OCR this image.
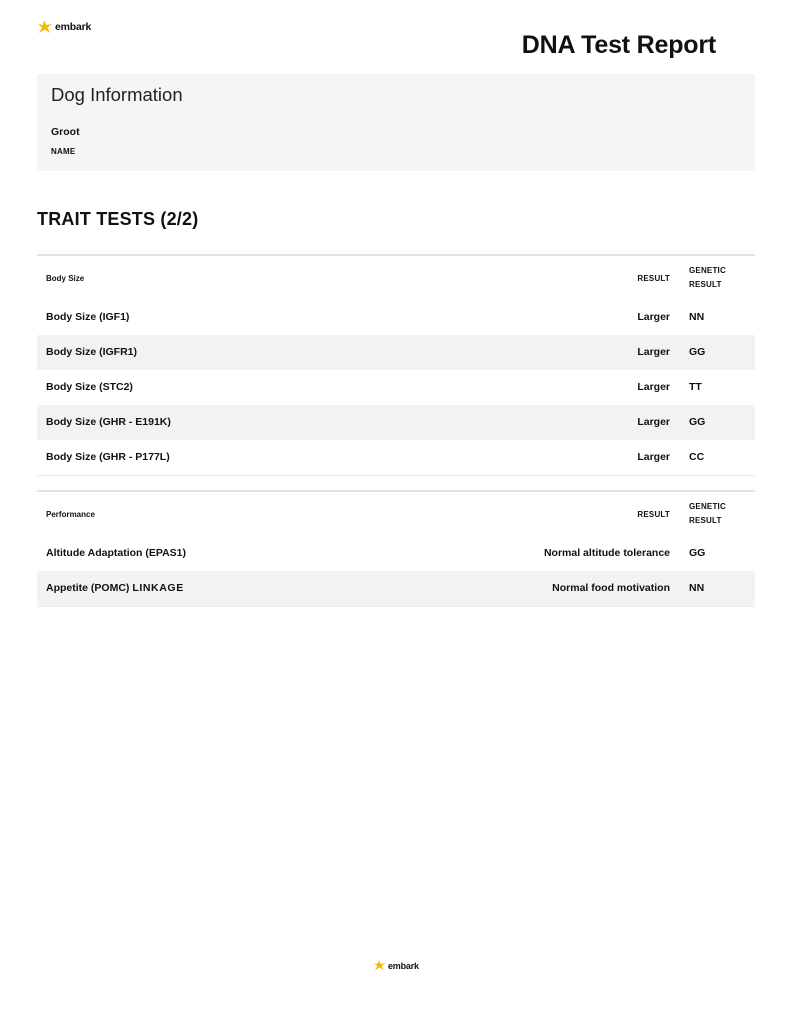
embark
DNA Test Report
Dog Information
Groot
NAME
TRAIT TESTS (2/2)
Body Size	RESULT
GENETIC
RESULT
Body Size (IGF1)	Larger NN
Body Size (IGFR1)	Larger GG
Body Size (STC2)	Larger TT
Body Size (GHR - E191K)	Larger GG
Body Size (GHR - P177L)	Larger CC
Performance	RESULT
GENETIC
RESULT
Altitude Adaptation (EPAS1)	Normal altitude tolerance GG
Appetite (POMC) LINKAGE	Normal food motivation NN
embark
